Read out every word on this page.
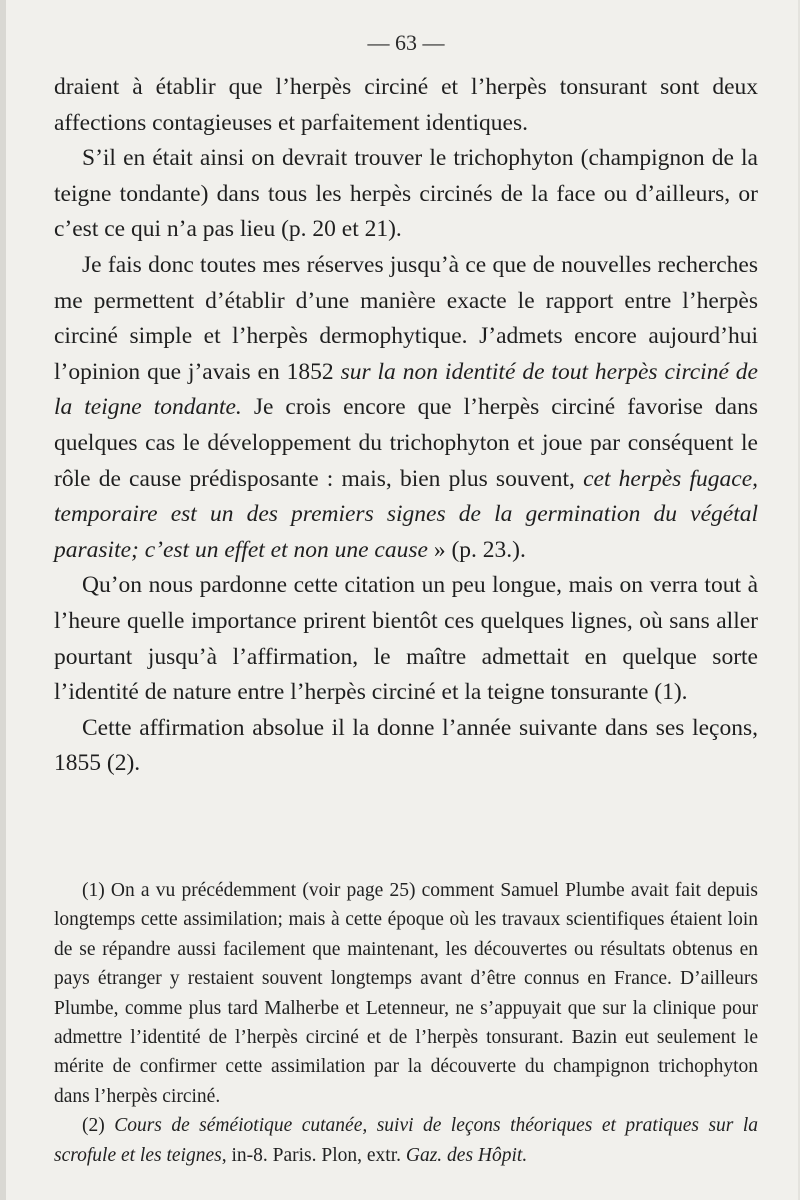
— 63 —

draient à établir que l’herpès circiné et l’herpès tonsurant sont deux affections contagieuses et parfaitement identiques.

S’il en était ainsi on devrait trouver le trichophyton (champignon de la teigne tondante) dans tous les herpès circinés de la face ou d’ailleurs, or c’est ce qui n’a pas lieu (p. 20 et 21).

Je fais donc toutes mes réserves jusqu’à ce que de nouvelles recherches me permettent d’établir d’une manière exacte le rapport entre l’herpès circiné simple et l’herpès dermophytique. J’admets encore aujourd’hui l’opinion que j’avais en 1852 sur la non identité de tout herpès circiné de la teigne tondante. Je crois encore que l’herpès circiné favorise dans quelques cas le développement du trichophyton et joue par conséquent le rôle de cause prédisposante : mais, bien plus souvent, cet herpès fugace, temporaire est un des premiers signes de la germination du végétal parasite; c’est un effet et non une cause » (p. 23.).

Qu’on nous pardonne cette citation un peu longue, mais on verra tout à l’heure quelle importance prirent bientôt ces quelques lignes, où sans aller pourtant jusqu’à l’affirmation, le maître admettait en quelque sorte l’identité de nature entre l’herpès circiné et la teigne tonsurante (1).

Cette affirmation absolue il la donne l’année suivante dans ses leçons, 1855 (2).

(1) On a vu précédemment (voir page 25) comment Samuel Plumbe avait fait depuis longtemps cette assimilation; mais à cette époque où les travaux scientifiques étaient loin de se répandre aussi facilement que maintenant, les découvertes ou résultats obtenus en pays étranger y restaient souvent longtemps avant d’être connus en France. D’ailleurs Plumbe, comme plus tard Malherbe et Letenneur, ne s’appuyait que sur la clinique pour admettre l’identité de l’herpès circiné et de l’herpès tonsurant. Bazin eut seulement le mérite de confirmer cette assimilation par la découverte du champignon trichophyton dans l’herpès circiné.

(2) Cours de séméiotique cutanée, suivi de leçons théoriques et pratiques sur la scrofule et les teignes, in-8. Paris. Plon, extr. Gaz. des Hôpit.
